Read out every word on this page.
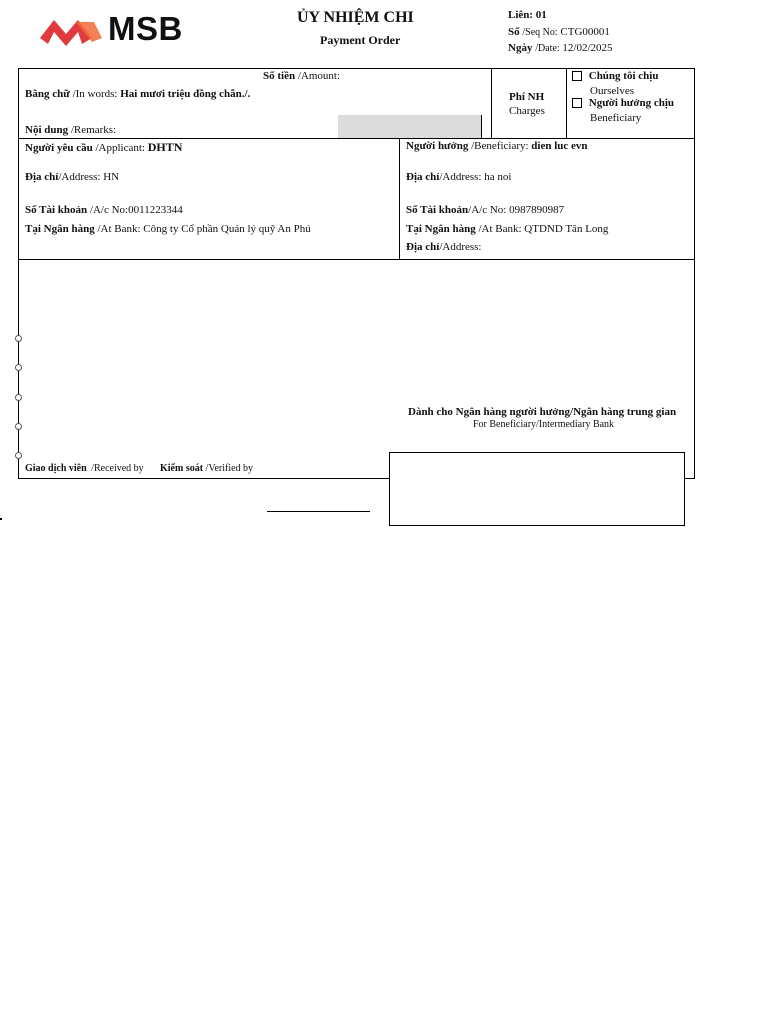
MSB	ỦY NHIỆM CHI
Payment Order
Liên: 01
Số /Seq No: CTG00001
Ngày /Date: 12/02/2025
Số tiền /Amount:
Bằng chữ /In words: Hai mươi triệu đồng chẵn./.
Nội dung /Remarks:
Phí NH
Charges
Chúng tôi chịu
Ourselves
Người hưởng chịu
Beneficiary
Người yêu cầu /Applicant: DHTN
Địa chỉ/Address: HN
Số Tài khoản /A/c No:0011223344
Tại Ngân hàng /At Bank: Công ty Cổ phần Quản lý quỹ An Phú
Người hưởng /Beneficiary: dien luc evn
Địa chỉ/Address: ha noi
Số Tài khoản/A/c No: 0987890987
Tại Ngân hàng /At Bank: QTDND Tân Long
Địa chỉ/Address:
Dành cho Ngân hàng người hưởng/Ngân hàng trung gian
For Beneficiary/Intermediary Bank
Giao dịch viên /Received by Kiểm soát /Verified by
